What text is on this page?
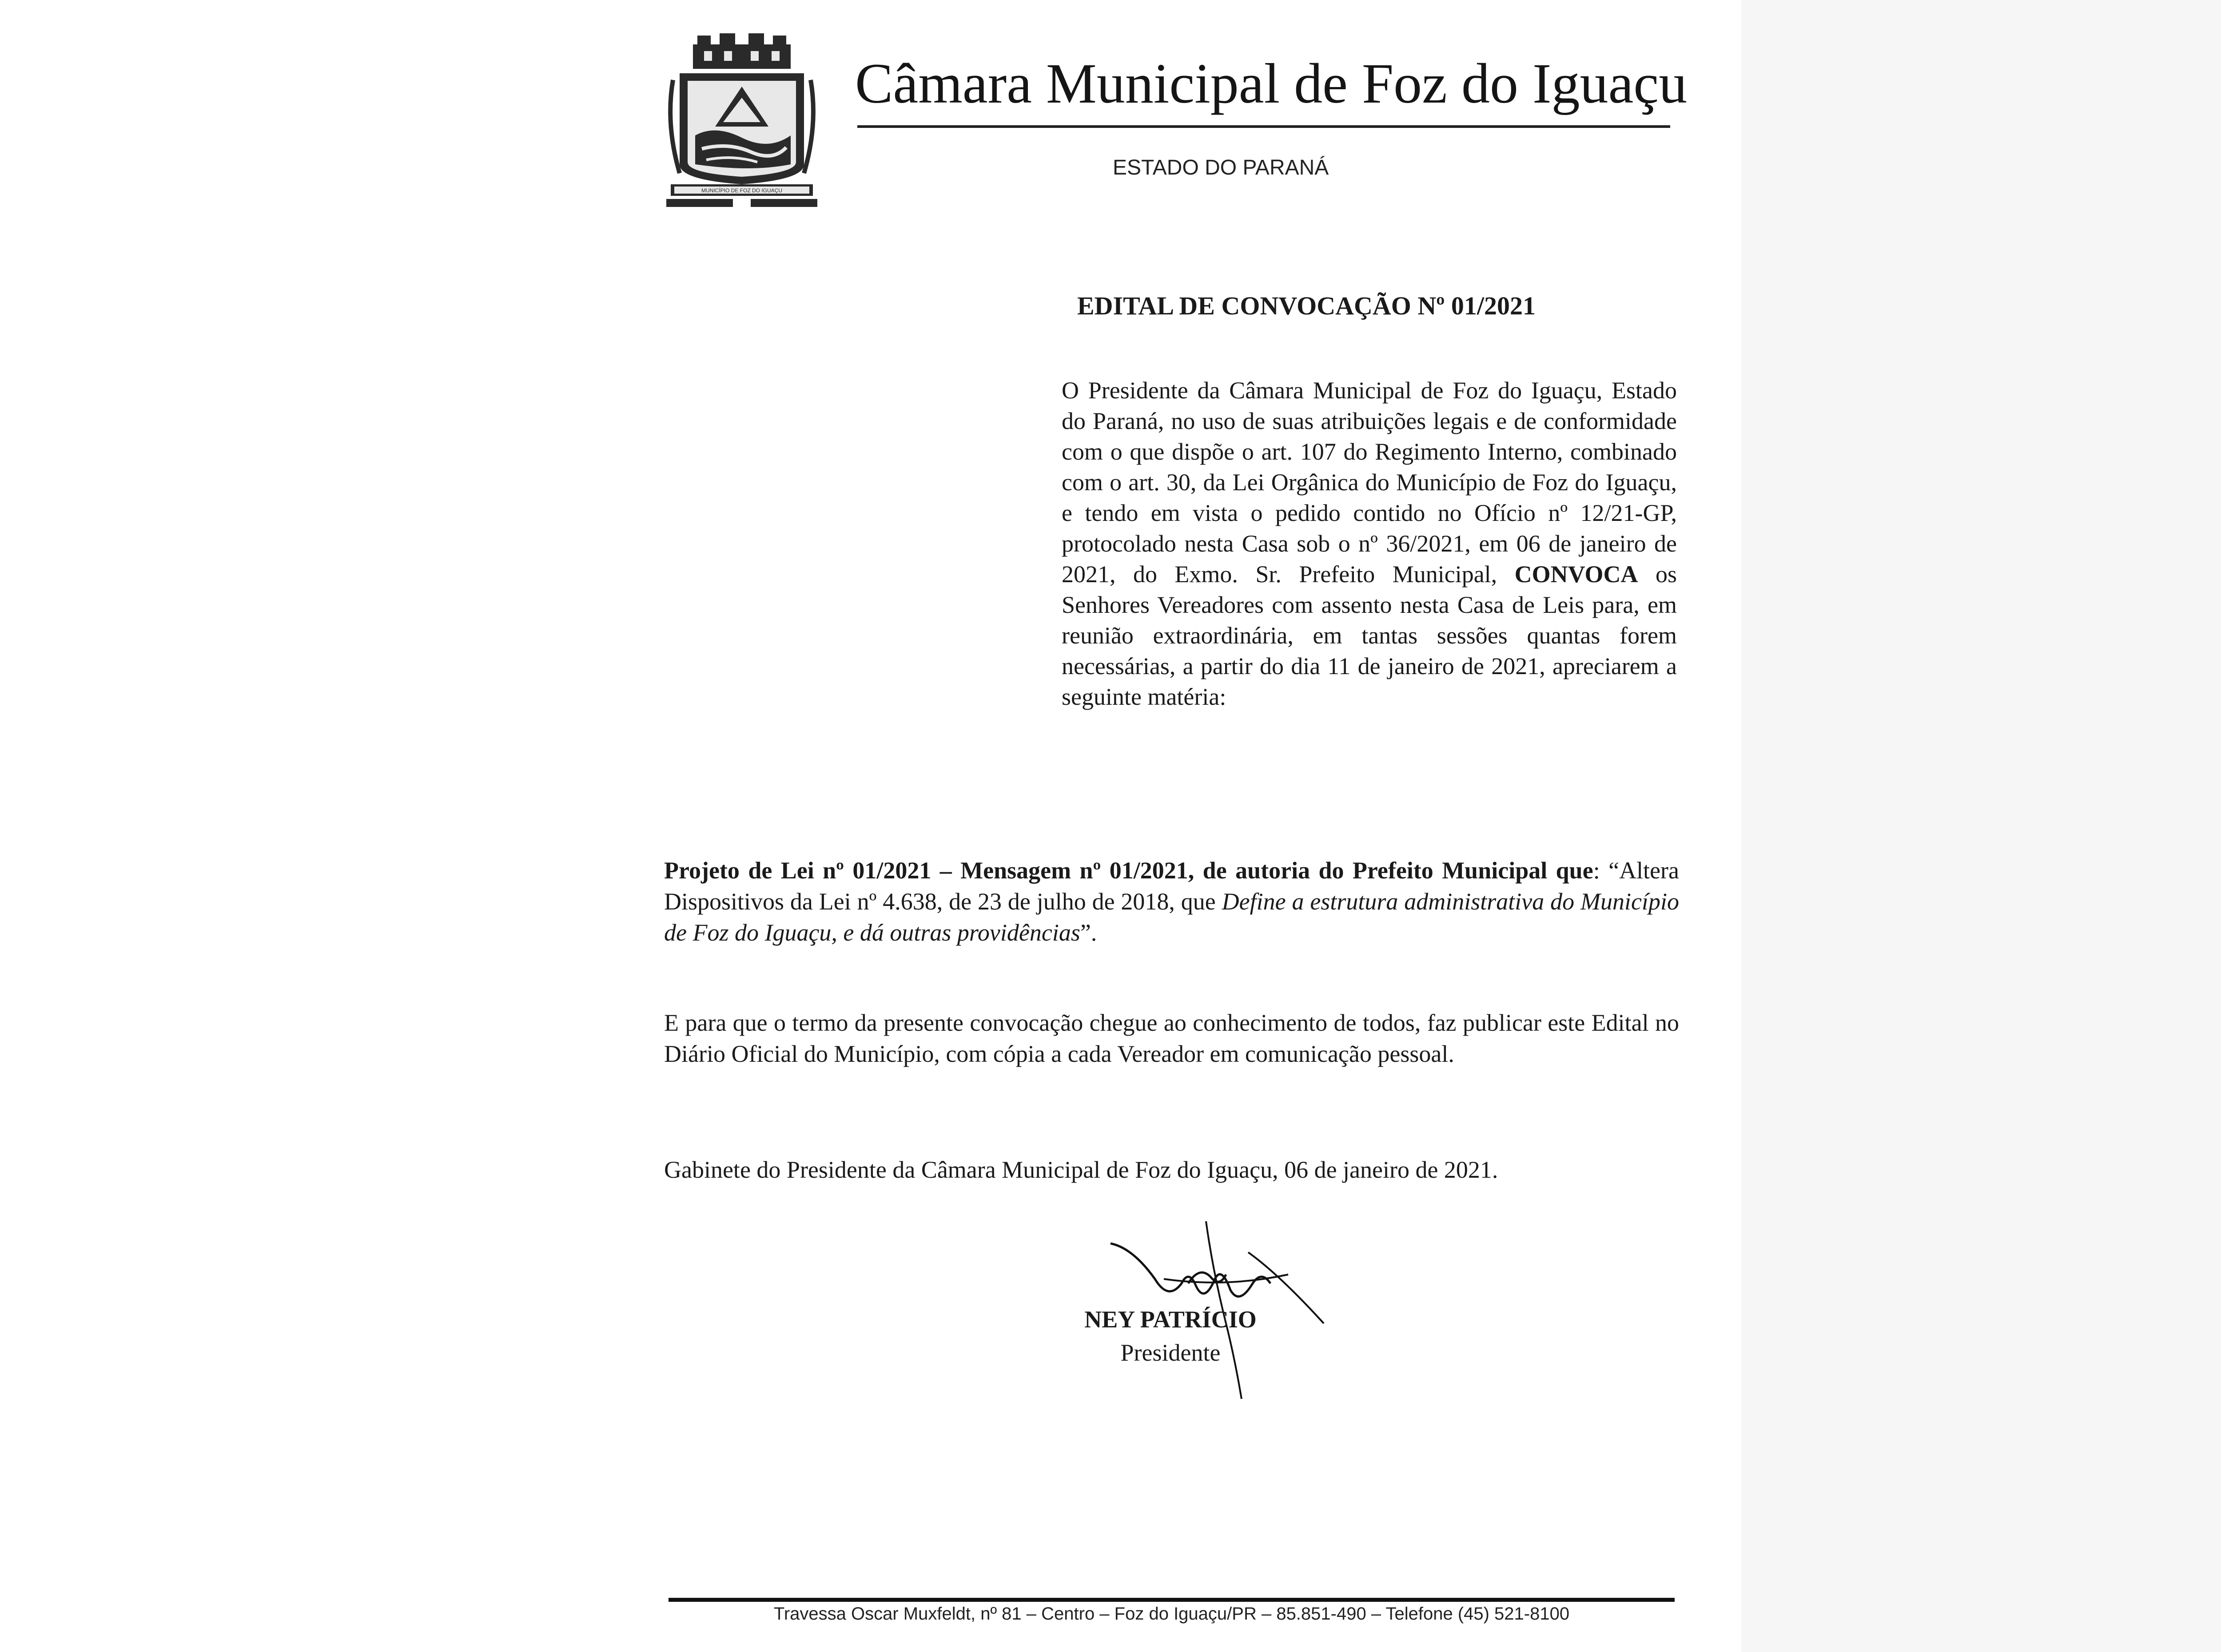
MUNICÍPIO DE FOZ DO IGUAÇU
Câmara Municipal de Foz do Iguaçu
ESTADO DO PARANÁ
EDITAL DE CONVOCAÇÃO Nº 01/2021
O Presidente da Câmara Municipal de Foz do Iguaçu, Estado do Paraná, no uso de suas atribuições legais e de conformidade com o que dispõe o art. 107 do Regimento Interno, combinado com o art. 30, da Lei Orgânica do Município de Foz do Iguaçu, e tendo em vista o pedido contido no Ofício nº 12/21-GP, protocolado nesta Casa sob o nº 36/2021, em 06 de janeiro de 2021, do Exmo. Sr. Prefeito Municipal, CONVOCA os Senhores Vereadores com assento nesta Casa de Leis para, em reunião extraordinária, em tantas sessões quantas forem necessárias, a partir do dia 11 de janeiro de 2021, apreciarem a seguinte matéria:
Projeto de Lei nº 01/2021 – Mensagem nº 01/2021, de autoria do Prefeito Municipal que: “Altera Dispositivos da Lei nº 4.638, de 23 de julho de 2018, que Define a estrutura administrativa do Município de Foz do Iguaçu, e dá outras providências”.
E para que o termo da presente convocação chegue ao conhecimento de todos, faz publicar este Edital no Diário Oficial do Município, com cópia a cada Vereador em comunicação pessoal.
Gabinete do Presidente da Câmara Municipal de Foz do Iguaçu, 06 de janeiro de 2021.
NEY PATRÍCIO
Presidente
Travessa Oscar Muxfeldt, nº 81 – Centro – Foz do Iguaçu/PR – 85.851-490 – Telefone (45) 521-8100
